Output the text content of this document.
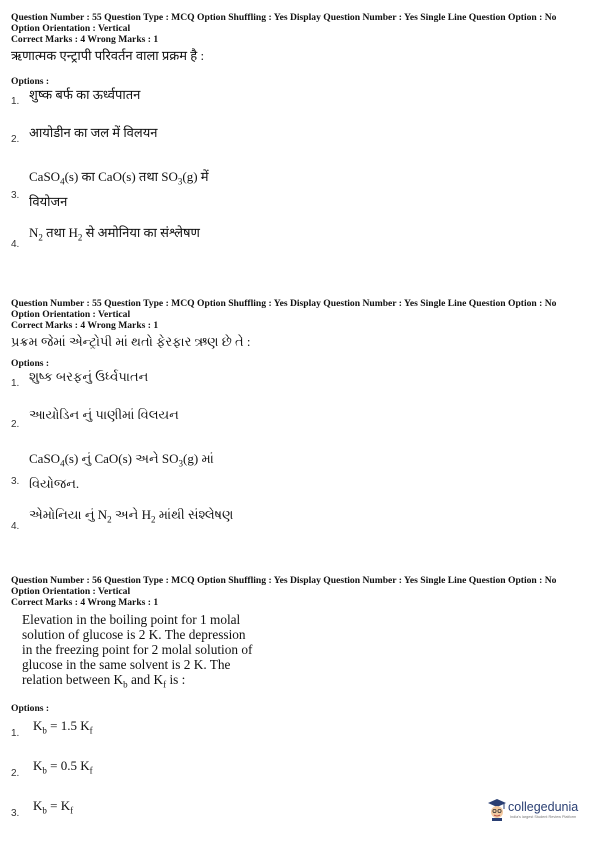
Question Number : 55 Question Type : MCQ Option Shuffling : Yes Display Question Number : Yes Single Line Question Option : No Option Orientation : Vertical
Correct Marks : 4 Wrong Marks : 1
ऋणात्मक एन्ट्रापी परिवर्तन वाला प्रक्रम है :
Options :
1. शुष्क बर्फ का ऊर्ध्वपातन
2. आयोडीन का जल में विलयन
CaSO$_4$(s) का CaO(s) तथा $SO_3(g)$ में
वियोजन
3.
$N_2$ तथा $H_2$ से अमोनिया का संश्लेषण
4.
Question Number : 55 Question Type : MCQ Option Shuffling : Yes Display Question Number : Yes Single Line Question Option : No Option Orientation : Vertical
Correct Marks : 4 Wrong Marks : 1
પ્રક્રમ જેમાં એન્ટ્રોપી માં થતો ફેરફાર ઋણ છે તે :
Options :
1. શુષ્ક બરફનું ઉર્ધ્વપાતન
2.
આયોડિન નું પાણીમાં વિલયન
CaSO$_4$(s) નું CaO(s) અને $SO_3(g)$ માં
વિયોજન.
3.
એમોનિયા નું $N_2$ અને $H_2$ માંથી સંશ્લેષણ
4.
Question Number : 56 Question Type : MCQ Option Shuffling : Yes Display Question Number : Yes Single Line Question Option : No Option Orientation : Vertical
Correct Marks : 4 Wrong Marks : 1
Elevation in the boiling point for 1 molal
solution of glucose is 2 K. The depression
in the freezing point for 2 molal solution of
glucose in the same solvent is 2 K. The
relation between $K_b$ and $K_f$ is :
Options :
1.
$K_b = 1.5$ $K_f$
2.
$K_b = 0.5$ $K_f$
3.
$K_b = K_f$	collegedunia
India's largest Student Review Platform
